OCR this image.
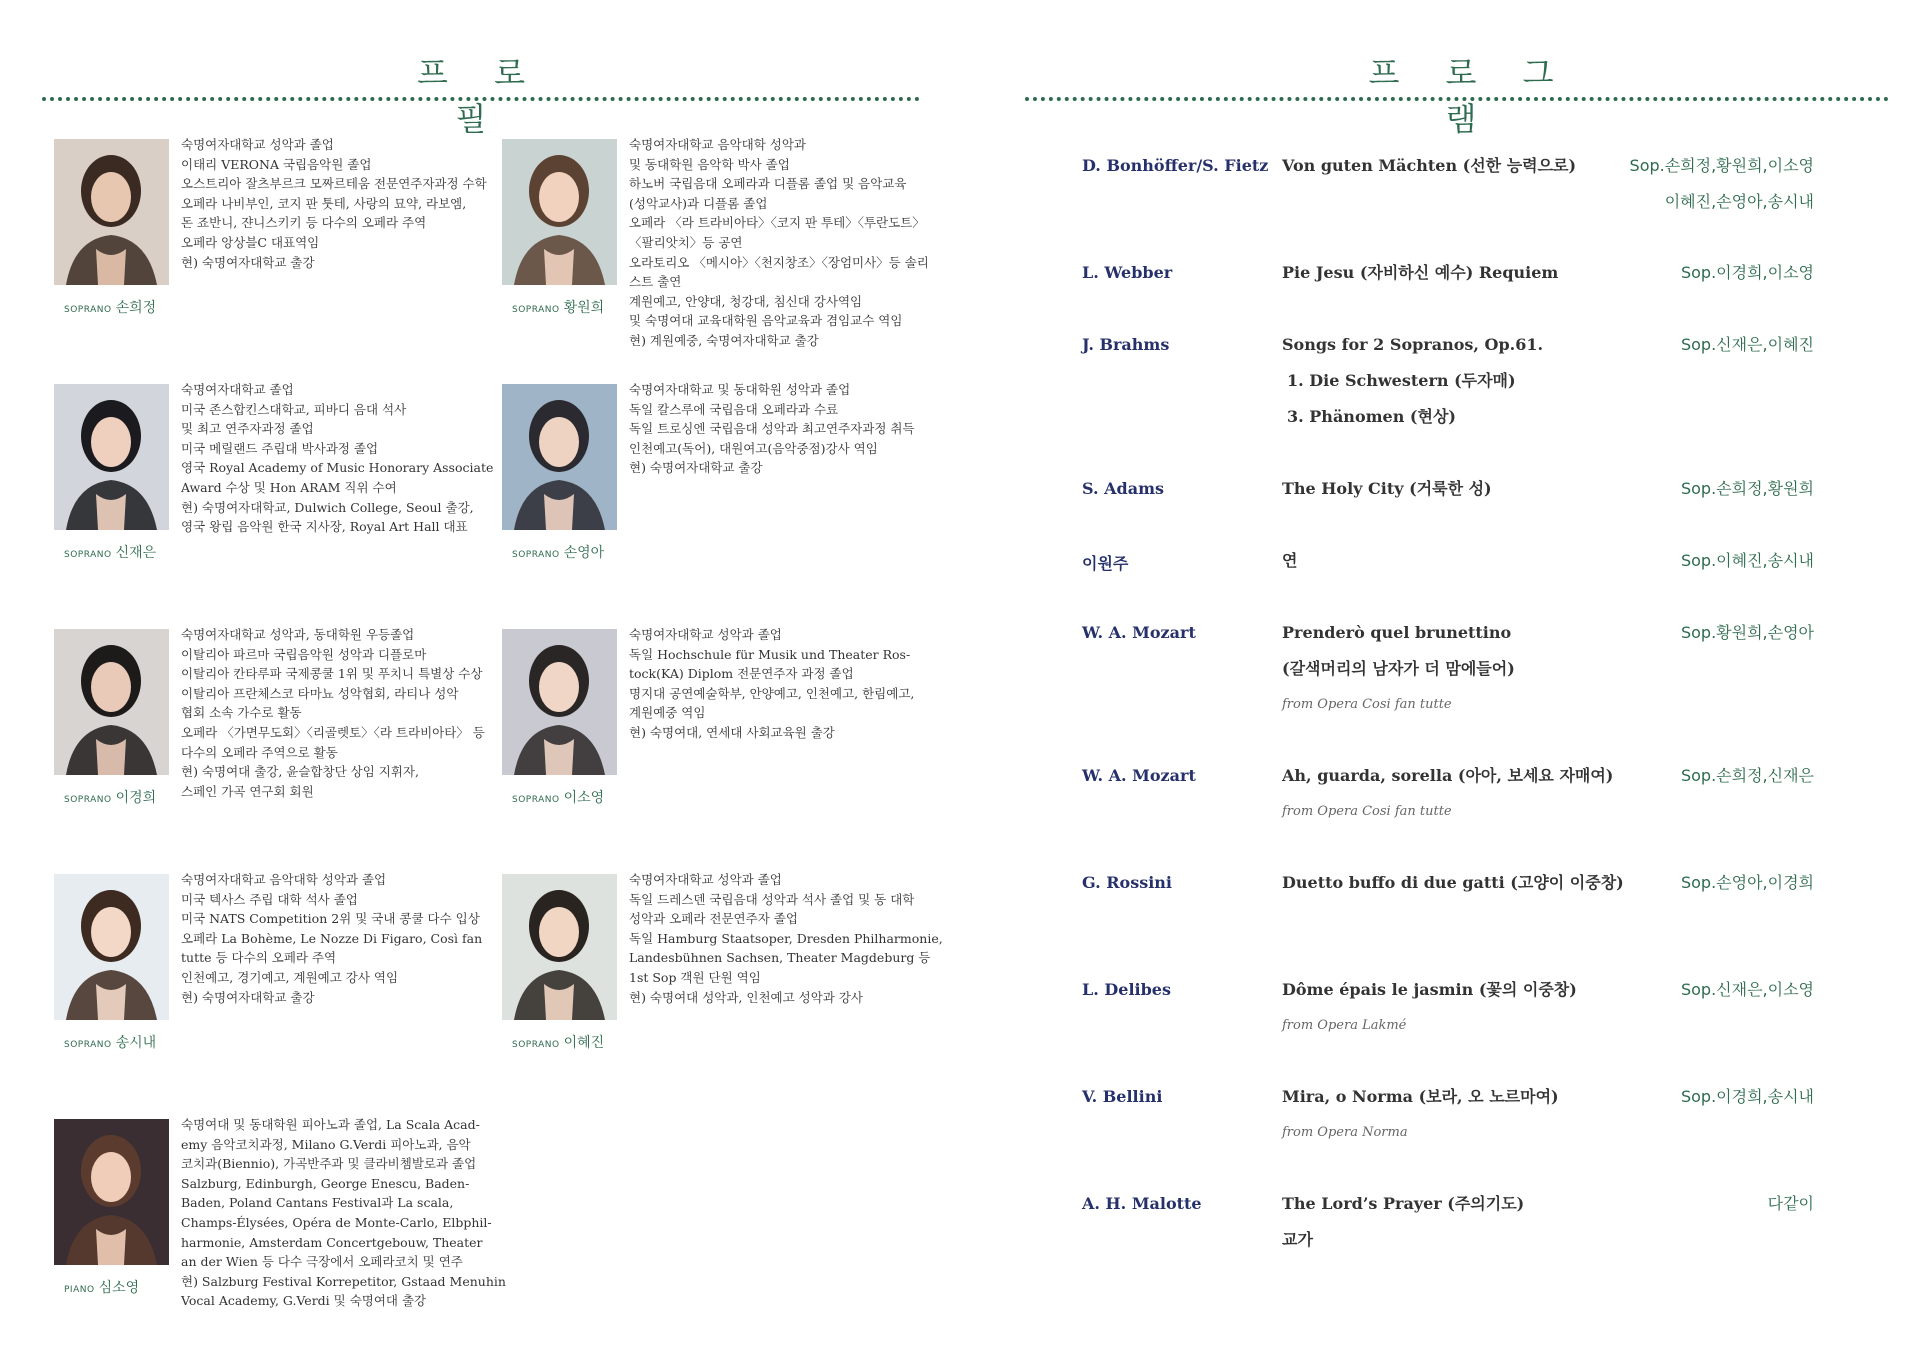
프 로 필
숙명여자대학교 성악과 졸업
이태리 VERONA 국립음악원 졸업
오스트리아 잘츠부르크 모짜르테움 전문연주자과정 수학
오페라 나비부인, 코지 판 툿테, 사랑의 묘약, 라보엠,
돈 죠반니, 쟌니스키키 등 다수의 오페라 주역
오페라 앙상블C 대표역임
현) 숙명여자대학교 출강
SOPRANO 손희정
숙명여자대학교 음악대학 성악과
및 동대학원 음악학 박사 졸업
하노버 국립음대 오페라과 디플롬 졸업 및 음악교육
(성악교사)과 디플롬 졸업
오페라 〈라 트라비아타〉〈코지 판 투테〉〈투란도트〉
〈팔리앗치〉등 공연
오라토리오 〈메시아〉〈천지창조〉〈장엄미사〉등 솔리
스트 출연
계원예고, 안양대, 청강대, 침신대 강사역임
및 숙명여대 교육대학원 음악교육과 겸임교수 역임
현) 계원예중, 숙명여자대학교 출강
SOPRANO 황원희
숙명여자대학교 졸업
미국 존스합킨스대학교, 피바디 음대 석사
및 최고 연주자과정 졸업
미국 메릴랜드 주립대 박사과정 졸업
영국 Royal Academy of Music Honorary Associate
Award 수상 및 Hon ARAM 직위 수여
현) 숙명여자대학교, Dulwich College, Seoul 출강,
영국 왕립 음악원 한국 지사장, Royal Art Hall 대표
SOPRANO 신재은
숙명여자대학교 및 동대학원 성악과 졸업
독일 칼스루에 국립음대 오페라과 수료
독일 트로싱엔 국립음대 성악과 최고연주자과정 취득
인천예고(독어), 대원여고(음악중점)강사 역임
현) 숙명여자대학교 출강
SOPRANO 손영아
숙명여자대학교 성악과, 동대학원 우등졸업
이탈리아 파르마 국립음악원 성악과 디플로마
이탈리아 칸타루파 국제콩쿨 1위 및 푸치니 특별상 수상
이탈리아 프란체스코 타마뇨 성악협회, 라티나 성악
협회 소속 가수로 활동
오페라 〈가면무도회〉〈리골렛토〉〈라 트라비아타〉 등
다수의 오페라 주역으로 활동
현) 숙명여대 출강, 윤슬합창단 상임 지휘자,
스페인 가곡 연구회 회원
SOPRANO 이경희
숙명여자대학교 성악과 졸업
독일 Hochschule für Musik und Theater Ros-
tock(KA) Diplom 전문연주자 과정 졸업
명지대 공연예술학부, 안양예고, 인천예고, 한림예고,
계원예중 역임
현) 숙명여대, 연세대 사회교육원 출강
SOPRANO 이소영
숙명여자대학교 음악대학 성악과 졸업
미국 텍사스 주립 대학 석사 졸업
미국 NATS Competition 2위 및 국내 콩쿨 다수 입상
오페라 La Bohème, Le Nozze Di Figaro, Così fan
tutte 등 다수의 오페라 주역
인천예고, 경기예고, 계원예고 강사 역임
현) 숙명여자대학교 출강
SOPRANO 송시내
숙명여자대학교 성악과 졸업
독일 드레스덴 국립음대 성악과 석사 졸업 및 동 대학
성악과 오페라 전문연주자 졸업
독일 Hamburg Staatsoper, Dresden Philharmonie,
Landesbühnen Sachsen, Theater Magdeburg 등
1st Sop 객원 단원 역임
현) 숙명여대 성악과, 인천예고 성악과 강사
SOPRANO 이혜진
숙명여대 및 동대학원 피아노과 졸업, La Scala Acad-
emy 음악코치과정, Milano G.Verdi 피아노과, 음악
코치과(Biennio), 가곡반주과 및 클라비쳄발로과 졸업
Salzburg, Edinburgh, George Enescu, Baden-
Baden, Poland Cantans Festival과 La scala,
Champs-Élysées, Opéra de Monte-Carlo, Elbphil-
harmonie, Amsterdam Concertgebouw, Theater
an der Wien 등 다수 극장에서 오페라코치 및 연주
현) Salzburg Festival Korrepetitor, Gstaad Menuhin
Vocal Academy, G.Verdi 및 숙명여대 출강
PIANO 심소영
프 로 그 램
D. Bonhöffer/S. Fietz Von guten Mächten (선한 능력으로)	Sop.손희정,황원희,이소영
이혜진,손영아,송시내
L. Webber	Pie Jesu (자비하신 예수) Requiem	Sop.이경희,이소영
J. Brahms	Songs for 2 Sopranos, Op.61.
1. Die Schwestern (두자매)
3. Phänomen (현상)
Sop.신재은,이혜진
S. Adams	The Holy City (거룩한 성)	Sop.손희정,황원희
이원주	연	Sop.이혜진,송시내
W. A. Mozart	Prenderò quel brunettino
(갈색머리의 남자가 더 맘에들어)
from Opera Cosi fan tutte
Sop.황원희,손영아
W. A. Mozart	Ah, guarda, sorella (아아, 보세요 자매여)
from Opera Cosi fan tutte
Sop.손희정,신재은
G. Rossini	Duetto buffo di due gatti (고양이 이중창)	Sop.손영아,이경희
L. Delibes	Dôme épais le jasmin (꽃의 이중창)
from Opera Lakmé
Sop.신재은,이소영
V. Bellini	Mira, o Norma (보라, 오 노르마여)
from Opera Norma
Sop.이경희,송시내
A. H. Malotte	The Lord’s Prayer (주의기도)
교가
다같이
